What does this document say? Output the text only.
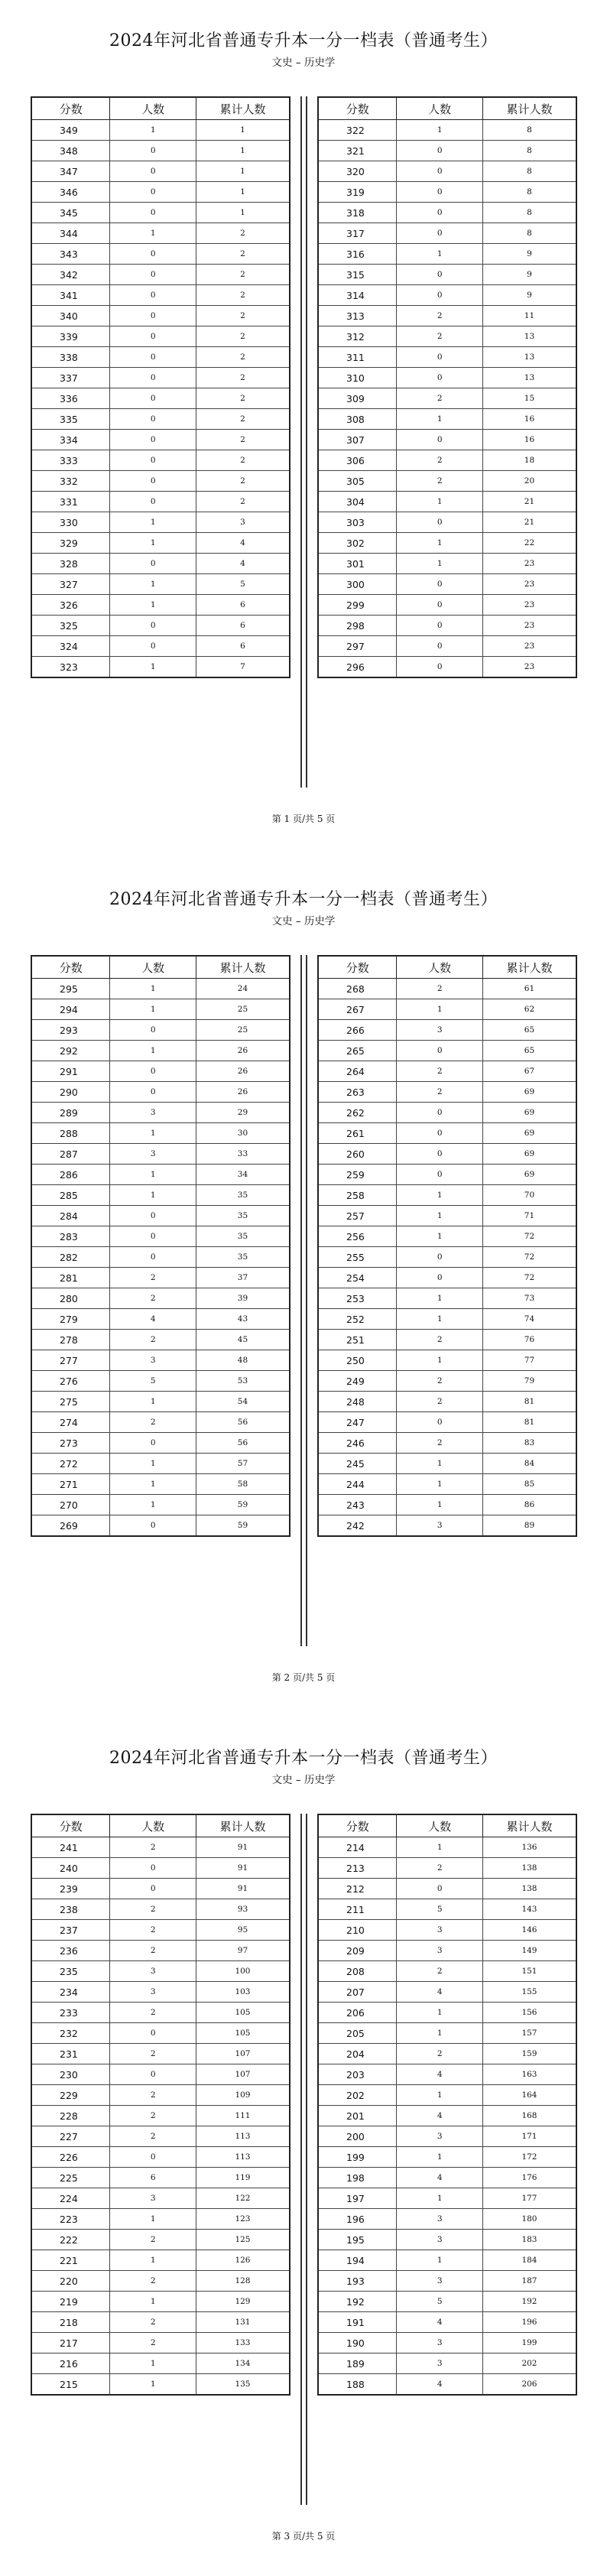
2024年河北省普通专升本一分一档表（普通考生）
文史 – 历史学
分数	人数	累计人数
349	1	1
348	0	1
347	0	1
346	0	1
345	0	1
344	1	2
343	0	2
342	0	2
341	0	2
340	0	2
339	0	2
338	0	2
337	0	2
336	0	2
335	0	2
334	0	2
333	0	2
332	0	2
331	0	2
330	1	3
329	1	4
328	0	4
327	1	5
326	1	6
325	0	6
324	0	6
323	1	7
分数	人数	累计人数
322	1	8
321	0	8
320	0	8
319	0	8
318	0	8
317	0	8
316	1	9
315	0	9
314	0	9
313	2	11
312	2	13
311	0	13
310	0	13
309	2	15
308	1	16
307	0	16
306	2	18
305	2	20
304	1	21
303	0	21
302	1	22
301	1	23
300	0	23
299	0	23
298	0	23
297	0	23
296	0	23
第 1 页/共 5 页
2024年河北省普通专升本一分一档表（普通考生）
文史 – 历史学
分数	人数	累计人数
295	1	24
294	1	25
293	0	25
292	1	26
291	0	26
290	0	26
289	3	29
288	1	30
287	3	33
286	1	34
285	1	35
284	0	35
283	0	35
282	0	35
281	2	37
280	2	39
279	4	43
278	2	45
277	3	48
276	5	53
275	1	54
274	2	56
273	0	56
272	1	57
271	1	58
270	1	59
269	0	59
分数	人数	累计人数
268	2	61
267	1	62
266	3	65
265	0	65
264	2	67
263	2	69
262	0	69
261	0	69
260	0	69
259	0	69
258	1	70
257	1	71
256	1	72
255	0	72
254	0	72
253	1	73
252	1	74
251	2	76
250	1	77
249	2	79
248	2	81
247	0	81
246	2	83
245	1	84
244	1	85
243	1	86
242	3	89
第 2 页/共 5 页
2024年河北省普通专升本一分一档表（普通考生）
文史 – 历史学
分数	人数	累计人数
241	2	91
240	0	91
239	0	91
238	2	93
237	2	95
236	2	97
235	3	100
234	3	103
233	2	105
232	0	105
231	2	107
230	0	107
229	2	109
228	2	111
227	2	113
226	0	113
225	6	119
224	3	122
223	1	123
222	2	125
221	1	126
220	2	128
219	1	129
218	2	131
217	2	133
216	1	134
215	1	135
分数	人数	累计人数
214	1	136
213	2	138
212	0	138
211	5	143
210	3	146
209	3	149
208	2	151
207	4	155
206	1	156
205	1	157
204	2	159
203	4	163
202	1	164
201	4	168
200	3	171
199	1	172
198	4	176
197	1	177
196	3	180
195	3	183
194	1	184
193	3	187
192	5	192
191	4	196
190	3	199
189	3	202
188	4	206
第 3 页/共 5 页
